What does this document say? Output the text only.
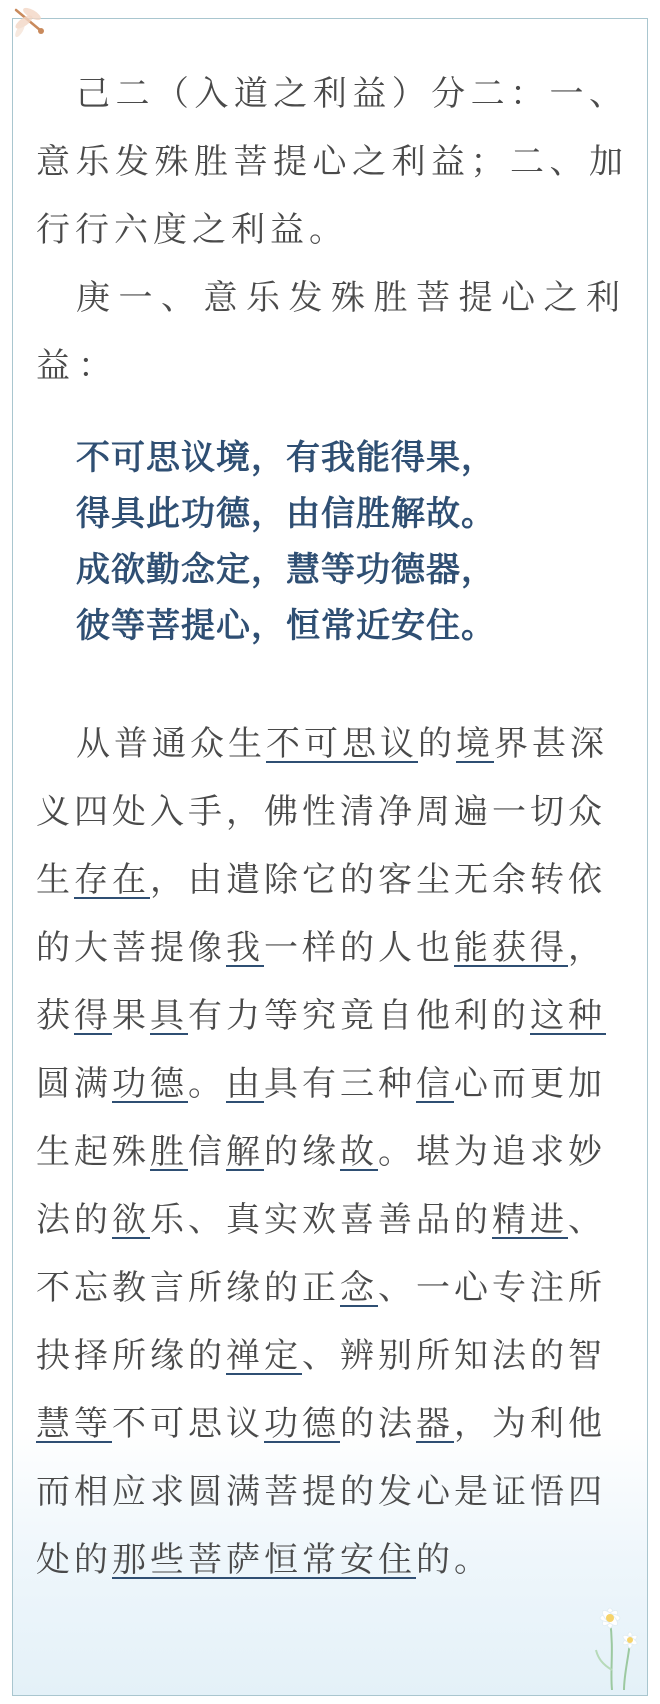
己二（入道之利益）分二：一、意乐发殊胜菩提心之利益；二、加行行六度之利益。

庚一、意乐发殊胜菩提心之利益：

不可思议境，有我能得果，

得具此功德，由信胜解故。

成欲勤念定，慧等功德器，

彼等菩提心，恒常近安住。

从普通众生不可思议的境界甚深义四处入手，佛性清净周遍一切众生存在，由遣除它的客尘无余转依的大菩提像我一样的人也能获得，获得果具有力等究竟自他利的这种圆满功德。由具有三种信心而更加生起殊胜信解的缘故。堪为追求妙法的欲乐、真实欢喜善品的精进、不忘教言所缘的正念、一心专注所抉择所缘的禅定、辨别所知法的智慧等不可思议功德的法器，为利他而相应求圆满菩提的发心是证悟四处的那些菩萨恒常安住的。
